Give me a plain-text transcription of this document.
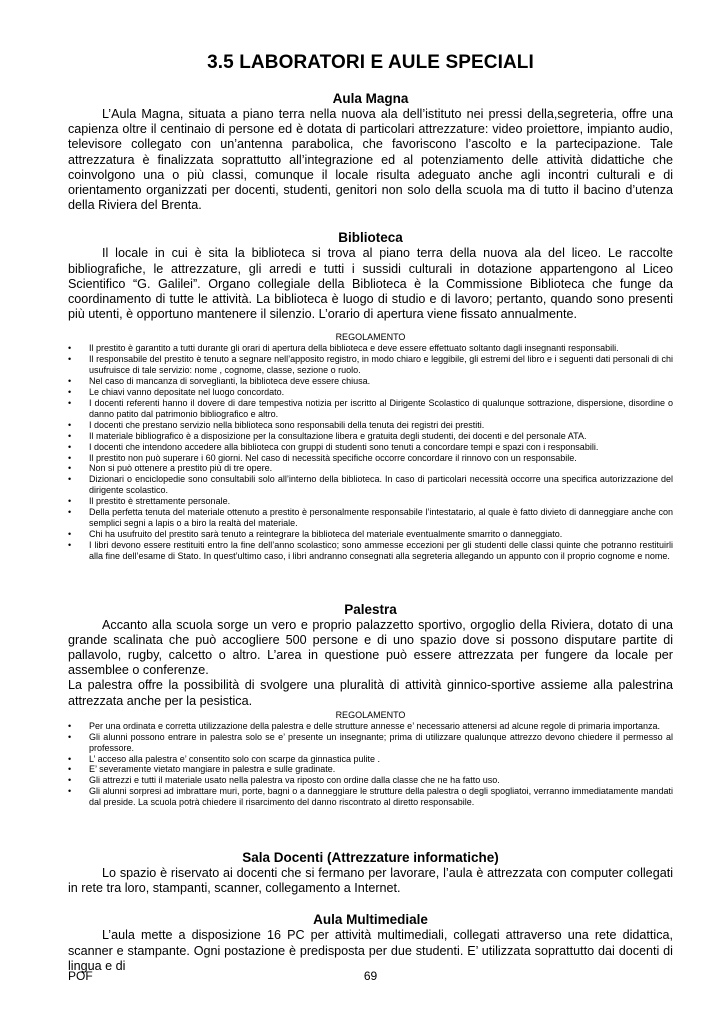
3.5 LABORATORI E AULE SPECIALI
Aula Magna

L’Aula Magna, situata a piano terra nella nuova ala dell’istituto nei pressi della,segreteria, offre una capienza oltre il centinaio di persone ed è dotata di particolari attrezzature: video proiettore, impianto audio, televisore collegato con un’antenna parabolica, che favoriscono l’ascolto e la partecipazione. Tale attrezzatura è finalizzata soprattutto all’integrazione ed al potenziamento delle attività didattiche che coinvolgono una o più classi, comunque il locale risulta adeguato anche agli incontri culturali e di orientamento organizzati per docenti, studenti, genitori non solo della scuola ma di tutto il bacino d’utenza della Riviera del Brenta.

Biblioteca

Il locale in cui è sita la biblioteca si trova al piano terra della nuova ala del liceo. Le raccolte bibliografiche, le attrezzature, gli arredi e tutti i sussidi culturali in dotazione appartengono al Liceo Scientifico “G. Galilei”. Organo collegiale della Biblioteca è la Commissione Biblioteca che funge da coordinamento di tutte le attività. La biblioteca è luogo di studio e di lavoro; pertanto, quando sono presenti più utenti, è opportuno mantenere il silenzio. L’orario di apertura viene fissato annualmente.

REGOLAMENTO

• Il prestito è garantito a tutti durante gli orari di apertura della biblioteca e deve essere effettuato soltanto dagli insegnanti responsabili.
• Il responsabile del prestito è tenuto a segnare nell’apposito registro, in modo chiaro e leggibile, gli estremi del libro e i seguenti dati personali di chi usufruisce di tale servizio: nome , cognome, classe, sezione o ruolo.
• Nel caso di mancanza di sorveglianti, la biblioteca deve essere chiusa.
• Le chiavi vanno depositate nel luogo concordato.
• I docenti referenti hanno il dovere di dare tempestiva notizia per iscritto al Dirigente Scolastico di qualunque sottrazione, dispersione, disordine o danno patito dal patrimonio bibliografico e altro.
• I docenti che prestano servizio nella biblioteca sono responsabili della tenuta dei registri dei prestiti.
• Il materiale bibliografico è a disposizione per la consultazione libera e gratuita degli studenti, dei docenti e del personale ATA.
• I docenti che intendono accedere alla biblioteca con gruppi di studenti sono tenuti a concordare tempi e spazi con i responsabili.
• Il prestito non può superare i 60 giorni. Nel caso di necessità specifiche occorre concordare il rinnovo con un responsabile.
• Non si può ottenere a prestito più di tre opere.
• Dizionari o enciclopedie sono consultabili solo all’interno della biblioteca. In caso di particolari necessità occorre una specifica autorizzazione del dirigente scolastico.
• Il prestito è strettamente personale.
• Della perfetta tenuta del materiale ottenuto a prestito è personalmente responsabile l’intestatario, al quale è fatto divieto di danneggiare anche con semplici segni a lapis o a biro la realtà del materiale.
• Chi ha usufruito del prestito sarà tenuto a reintegrare la biblioteca del materiale eventualmente smarrito o danneggiato.
• I libri devono essere restituiti entro la fine dell’anno scolastico; sono ammesse eccezioni per gli studenti delle classi quinte che potranno restituirli alla fine dell’esame di Stato. In quest’ultimo caso, i libri andranno consegnati alla segreteria allegando un appunto con il proprio cognome e nome.
Palestra

Accanto alla scuola sorge un vero e proprio palazzetto sportivo, orgoglio della Riviera, dotato di una grande scalinata che può accogliere 500 persone e di uno spazio dove si possono disputare partite di pallavolo, rugby, calcetto o altro. L’area in questione può essere attrezzata per fungere da locale per assemblee o conferenze.

La palestra offre la possibilità di svolgere una pluralità di attività ginnico-sportive assieme alla palestrina attrezzata anche per la pesistica.

REGOLAMENTO

• Per una ordinata e corretta utilizzazione della palestra e delle strutture annesse e’ necessario attenersi ad alcune regole di primaria importanza.
• Gli alunni possono entrare in palestra solo se e’ presente un insegnante; prima di utilizzare qualunque attrezzo devono chiedere il permesso al professore.
• L’ acceso alla palestra e’ consentito solo con scarpe da ginnastica pulite .
• E’ severamente vietato mangiare in palestra e sulle gradinate.
• Gli attrezzi e tutti il materiale usato nella palestra va riposto con ordine dalla classe che ne ha fatto uso.
• Gli alunni sorpresi ad imbrattare muri, porte, bagni o a danneggiare le strutture della palestra o degli spogliatoi, verranno immediatamente mandati dal preside. La scuola potrà chiedere il risarcimento del danno riscontrato al diretto responsabile.
Sala Docenti (Attrezzature informatiche)

Lo spazio è riservato ai docenti che si fermano per lavorare, l’aula è attrezzata con computer collegati in rete tra loro, stampanti, scanner, collegamento a Internet.

Aula Multimediale

L’aula mette a disposizione 16 PC per attività multimediali, collegati attraverso una rete didattica, scanner e stampante. Ogni postazione è predisposta per due studenti. E’ utilizzata soprattutto dai docenti di lingua e di

POF	69
